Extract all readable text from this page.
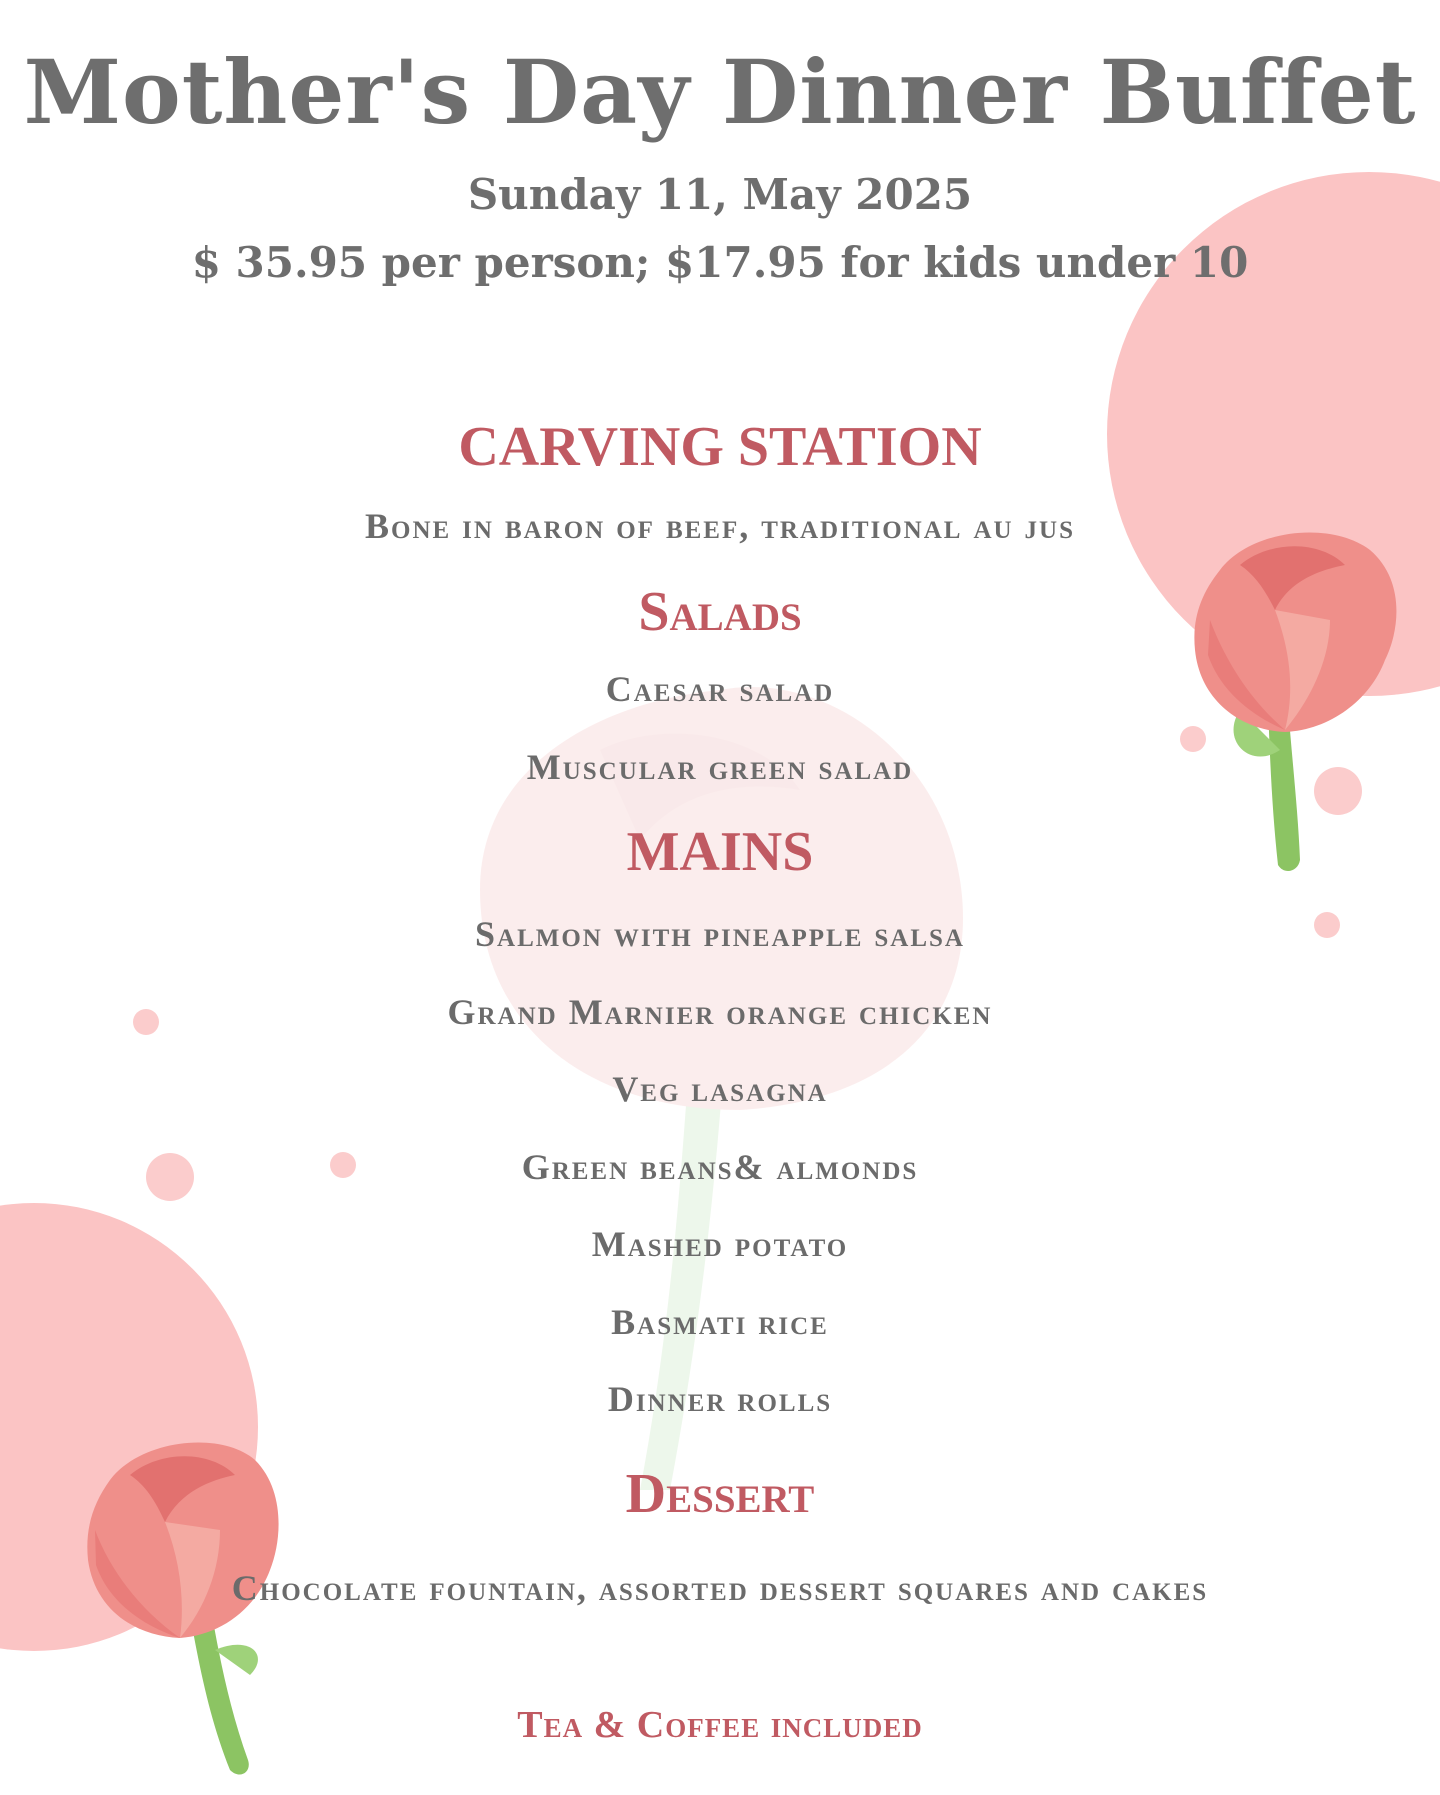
Mother's Day Dinner Buffet
Sunday 11, May 2025
$ 35.95 per person; $17.95 for kids under 10
CARVING STATION
Bone in baron of beef, traditional au jus
Salads
Caesar salad
Muscular green salad
MAINS
Salmon with pineapple salsa
Grand Marnier orange chicken
Veg lasagna
Green beans& almonds
Mashed potato
Basmati rice
Dinner rolls
Dessert
Chocolate fountain, assorted dessert squares and cakes
Tea & Coffee included
